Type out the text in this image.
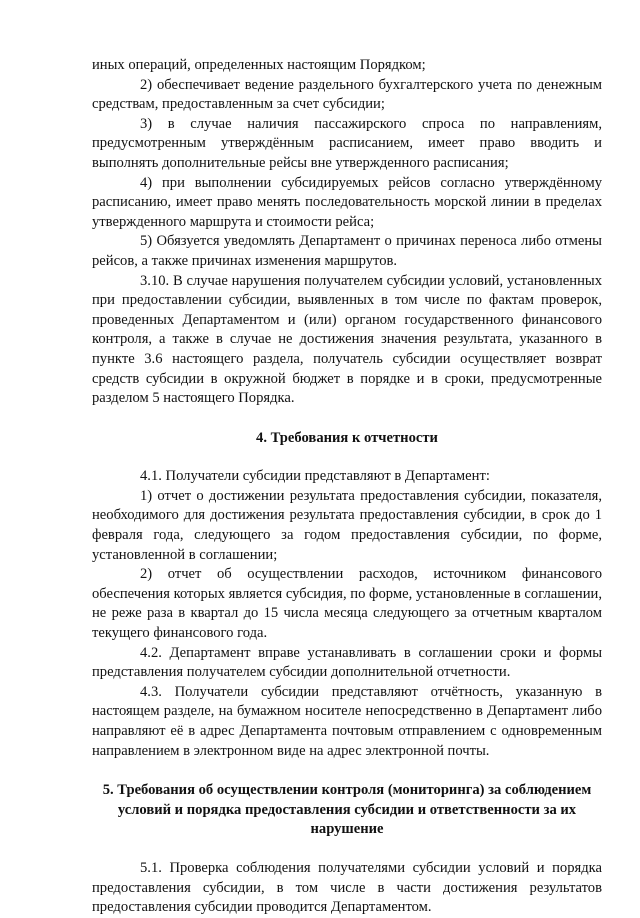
иных операций, определенных настоящим Порядком;

2) обеспечивает ведение раздельного бухгалтерского учета по денежным средствам, предоставленным за счет субсидии;

3) в случае наличия пассажирского спроса по направлениям, предусмотренным утверждённым расписанием, имеет право вводить и выполнять дополнительные рейсы вне утвержденного расписания;

4) при выполнении субсидируемых рейсов согласно утверждённому расписанию, имеет право менять последовательность морской линии в пределах утвержденного маршрута и стоимости рейса;

5) Обязуется уведомлять Департамент о причинах переноса либо отмены рейсов, а также причинах изменения маршрутов.

3.10. В случае нарушения получателем субсидии условий, установленных при предоставлении субсидии, выявленных в том числе по фактам проверок, проведенных Департаментом и (или) органом государственного финансового контроля, а также в случае не достижения значения результата, указанного в пункте 3.6 настоящего раздела, получатель субсидии осуществляет возврат средств субсидии в окружной бюджет в порядке и в сроки, предусмотренные разделом 5 настоящего Порядка.

4. Требования к отчетности

4.1. Получатели субсидии представляют в Департамент:

1) отчет о достижении результата предоставления субсидии, показателя, необходимого для достижения результата предоставления субсидии, в срок до 1 февраля года, следующего за годом предоставления субсидии, по форме, установленной в соглашении;

2) отчет об осуществлении расходов, источником финансового обеспечения которых является субсидия, по форме, установленные в соглашении, не реже раза в квартал до 15 числа месяца следующего за отчетным кварталом текущего финансового года.

4.2. Департамент вправе устанавливать в соглашении сроки и формы представления получателем субсидии дополнительной отчетности.

4.3. Получатели субсидии представляют отчётность, указанную в настоящем разделе, на бумажном носителе непосредственно в Департамент либо направляют её в адрес Департамента почтовым отправлением с одновременным направлением в электронном виде на адрес электронной почты.

5. Требования об осуществлении контроля (мониторинга) за соблюдением
условий и порядка предоставления субсидии и ответственности за их
нарушение

5.1. Проверка соблюдения получателями субсидии условий и порядка предоставления субсидии, в том числе в части достижения результатов предоставления субсидии проводится Департаментом.
